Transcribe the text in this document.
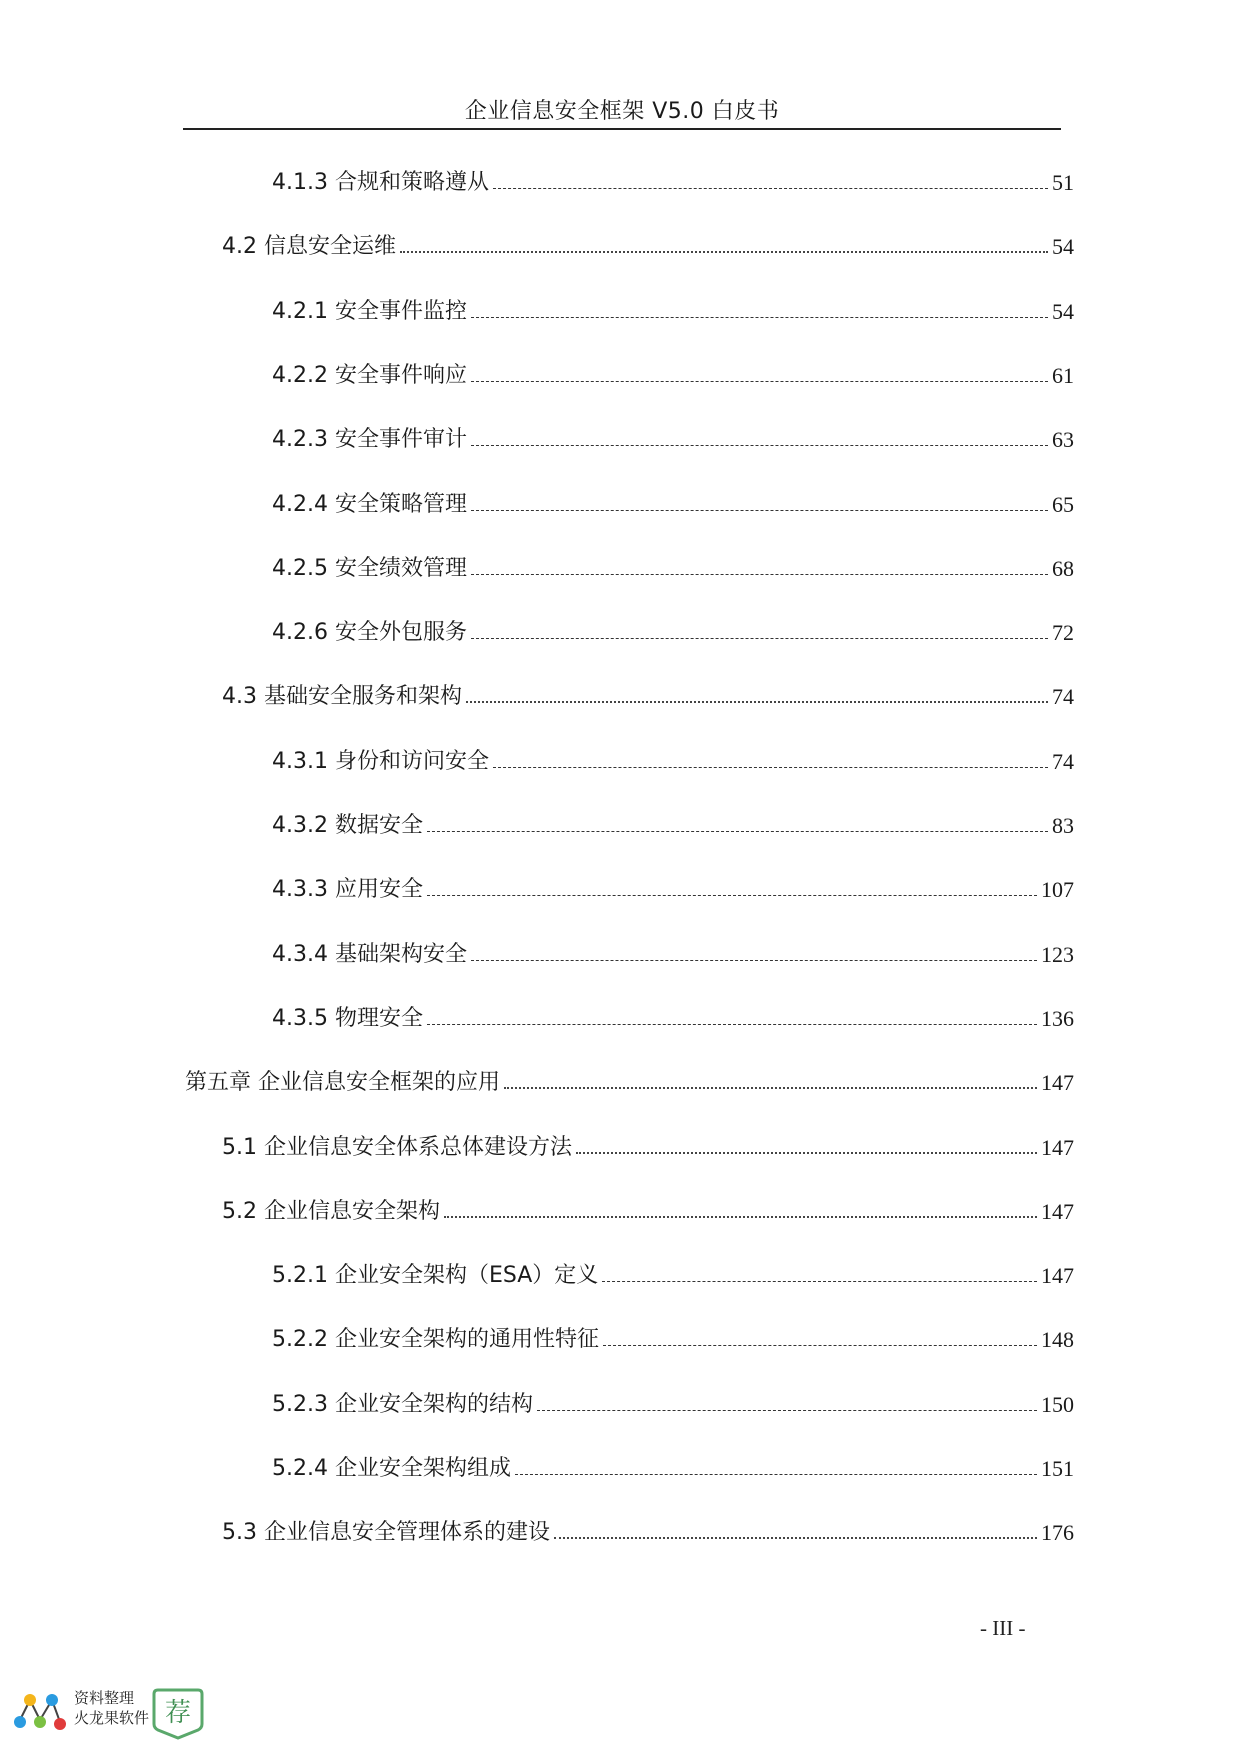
企业信息安全框架 V5.0 白皮书
4.1.3 合规和策略遵从	51
4.2 信息安全运维	54
4.2.1 安全事件监控	54
4.2.2 安全事件响应	61
4.2.3 安全事件审计	63
4.2.4 安全策略管理	65
4.2.5 安全绩效管理	68
4.2.6 安全外包服务	72
4.3 基础安全服务和架构	74
4.3.1 身份和访问安全	74
4.3.2 数据安全	83
4.3.3 应用安全	107
4.3.4 基础架构安全	123
4.3.5 物理安全	136
第五章 企业信息安全框架的应用	147
5.1 企业信息安全体系总体建设方法	147
5.2 企业信息安全架构	147
5.2.1 企业安全架构（ESA）定义	147
5.2.2 企业安全架构的通用性特征	148
5.2.3 企业安全架构的结构	150
5.2.4 企业安全架构组成	151
5.3 企业信息安全管理体系的建设	176
- III -
资料整理
火龙果软件 荐
